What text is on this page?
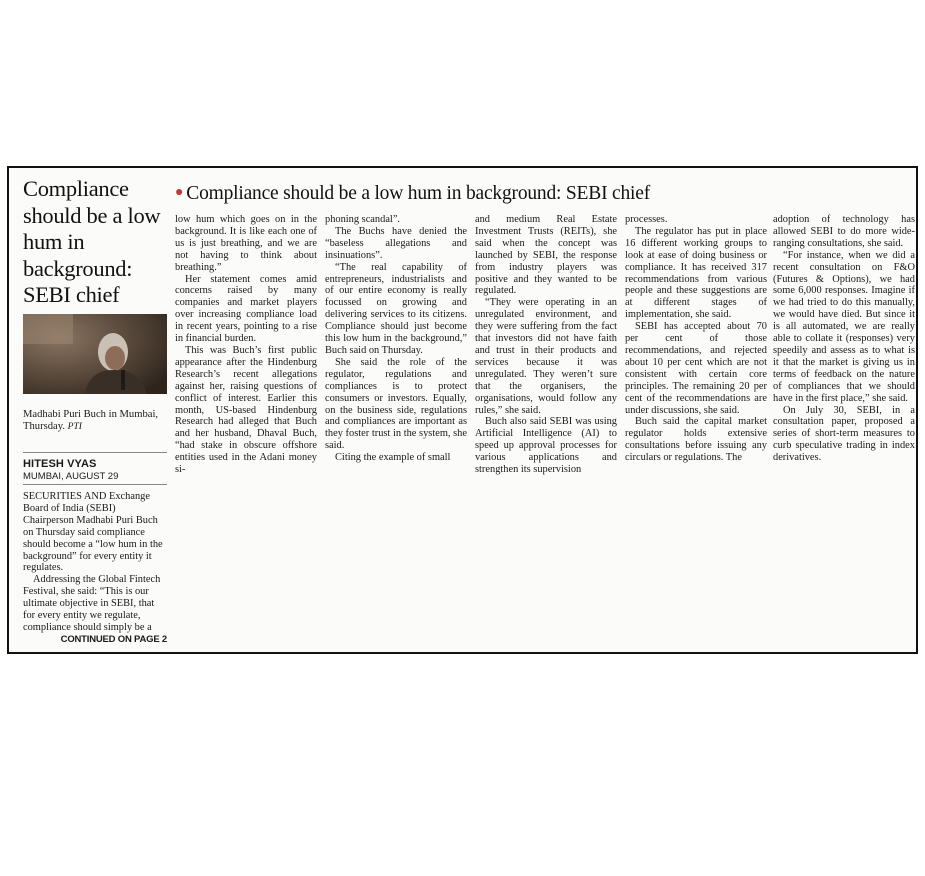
Compliance should be a low hum in background: SEBI chief
Madhabi Puri Buch in Mumbai, Thursday. PTI
HITESH VYAS
MUMBAI, AUGUST 29

SECURITIES AND Exchange Board of India (SEBI) Chairperson Madhabi Puri Buch on Thursday said compliance should become a “low hum in the background” for every entity it regulates.

Addressing the Global Fintech Festival, she said: “This is our ultimate objective in SEBI, that for every entity we regulate, compliance should simply be a

CONTINUED ON PAGE 2
● Compliance should be a low hum in background: SEBI chief

low hum which goes on in the background. It is like each one of us is just breathing, and we are not having to think about breathing.”

Her statement comes amid concerns raised by many companies and market players over increasing compliance load in recent years, pointing to a rise in financial burden.

This was Buch’s first public appearance after the Hindenburg Research’s recent allegations against her, raising questions of conflict of interest. Earlier this month, US-based Hindenburg Research had alleged that Buch and her husband, Dhaval Buch, “had stake in obscure offshore entities used in the Adani money si-

phoning scandal”.

The Buchs have denied the “baseless allegations and insinuations”.

“The real capability of entrepreneurs, industrialists and of our entire economy is really focussed on growing and delivering services to its citizens. Compliance should just become this low hum in the background,” Buch said on Thursday.

She said the role of the regulator, regulations and compliances is to protect consumers or investors. Equally, on the business side, regulations and compliances are important as they foster trust in the system, she said.

Citing the example of small

and medium Real Estate Investment Trusts (REITs), she said when the concept was launched by SEBI, the response from industry players was positive and they wanted to be regulated.

“They were operating in an unregulated environment, and they were suffering from the fact that investors did not have faith and trust in their products and services because it was unregulated. They weren’t sure that the organisers, the organisations, would follow any rules,” she said.

Buch also said SEBI was using Artificial Intelligence (AI) to speed up approval processes for various applications and strengthen its supervision

processes.

The regulator has put in place 16 different working groups to look at ease of doing business or compliance. It has received 317 recommendations from various people and these suggestions are at different stages of implementation, she said.

SEBI has accepted about 70 per cent of those recommendations, and rejected about 10 per cent which are not consistent with certain core principles. The remaining 20 per cent of the recommendations are under discussions, she said.

Buch said the capital market regulator holds extensive consultations before issuing any circulars or regulations. The

adoption of technology has allowed SEBI to do more wide-ranging consultations, she said.

“For instance, when we did a recent consultation on F&O (Futures & Options), we had some 6,000 responses. Imagine if we had tried to do this manually, we would have died. But since it is all automated, we are really able to collate it (responses) very speedily and assess as to what is it that the market is giving us in terms of feedback on the nature of compliances that we should have in the first place,” she said.

On July 30, SEBI, in a consultation paper, proposed a series of short-term measures to curb speculative trading in index derivatives.
